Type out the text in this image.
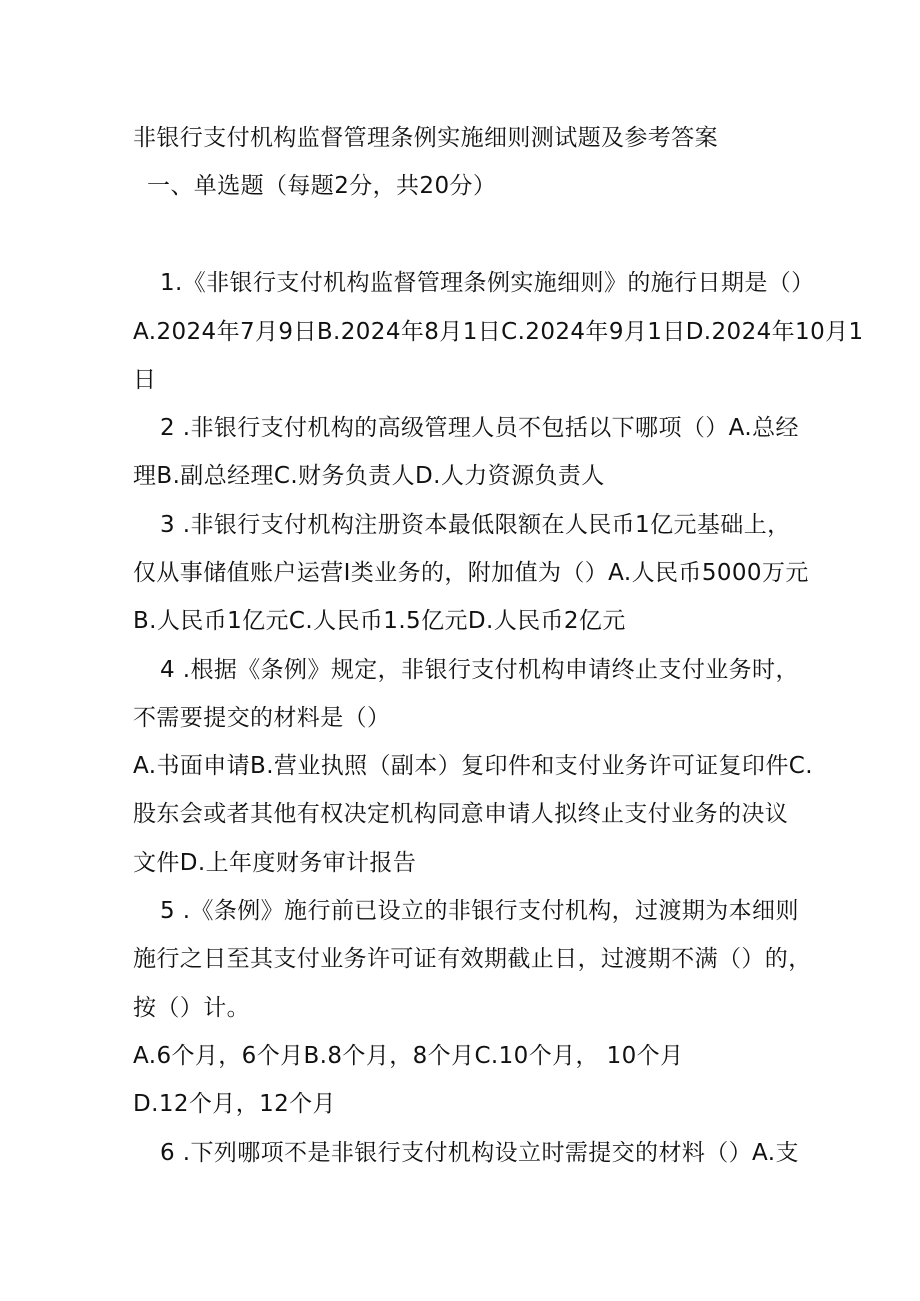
非银行支付机构监督管理条例实施细则测试题及参考答案
一、单选题（每题2分，共20分）
1.《非银行支付机构监督管理条例实施细则》的施行日期是（）
A.2024年7月9日B.2024年8月1日C.2024年9月1日D.2024年10月1
日
2 .非银行支付机构的高级管理人员不包括以下哪项（）A.总经
理B.副总经理C.财务负责人D.人力资源负责人
3 .非银行支付机构注册资本最低限额在人民币1亿元基础上，
仅从事储值账户运营I类业务的，附加值为（）A.人民币5000万元
B.人民币1亿元C.人民币1.5亿元D.人民币2亿元
4 .根据《条例》规定，非银行支付机构申请终止支付业务时，
不需要提交的材料是（）
A.书面申请B.营业执照（副本）复印件和支付业务许可证复印件C.
股东会或者其他有权决定机构同意申请人拟终止支付业务的决议
文件D.上年度财务审计报告
5 .《条例》施行前已设立的非银行支付机构，过渡期为本细则
施行之日至其支付业务许可证有效期截止日，过渡期不满（）的，
按（）计。
A.6个月，6个月B.8个月，8个月C.10个月， 10个月
D.12个月，12个月
6 .下列哪项不是非银行支付机构设立时需提交的材料（）A.支
